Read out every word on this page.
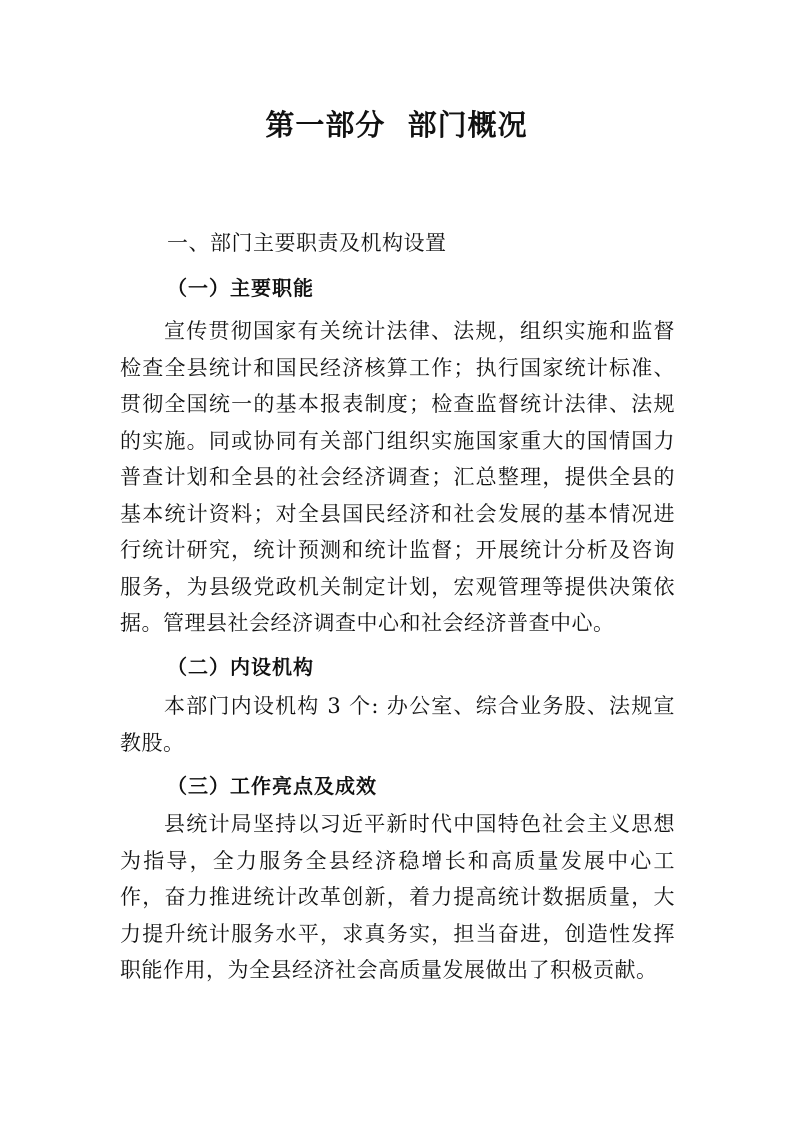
第一部分  部门概况
一、部门主要职责及机构设置
（一）主要职能
宣传贯彻国家有关统计法律、法规，组织实施和监督检查全县统计和国民经济核算工作；执行国家统计标准、贯彻全国统一的基本报表制度；检查监督统计法律、法规的实施。同或协同有关部门组织实施国家重大的国情国力普查计划和全县的社会经济调查；汇总整理，提供全县的基本统计资料；对全县国民经济和社会发展的基本情况进行统计研究，统计预测和统计监督；开展统计分析及咨询服务，为县级党政机关制定计划，宏观管理等提供决策依据。管理县社会经济调查中心和社会经济普查中心。
（二）内设机构
本部门内设机构 3 个: 办公室、综合业务股、法规宣教股。
（三）工作亮点及成效
县统计局坚持以习近平新时代中国特色社会主义思想为指导，全力服务全县经济稳增长和高质量发展中心工作，奋力推进统计改革创新，着力提高统计数据质量，大力提升统计服务水平，求真务实，担当奋进，创造性发挥职能作用，为全县经济社会高质量发展做出了积极贡献。
